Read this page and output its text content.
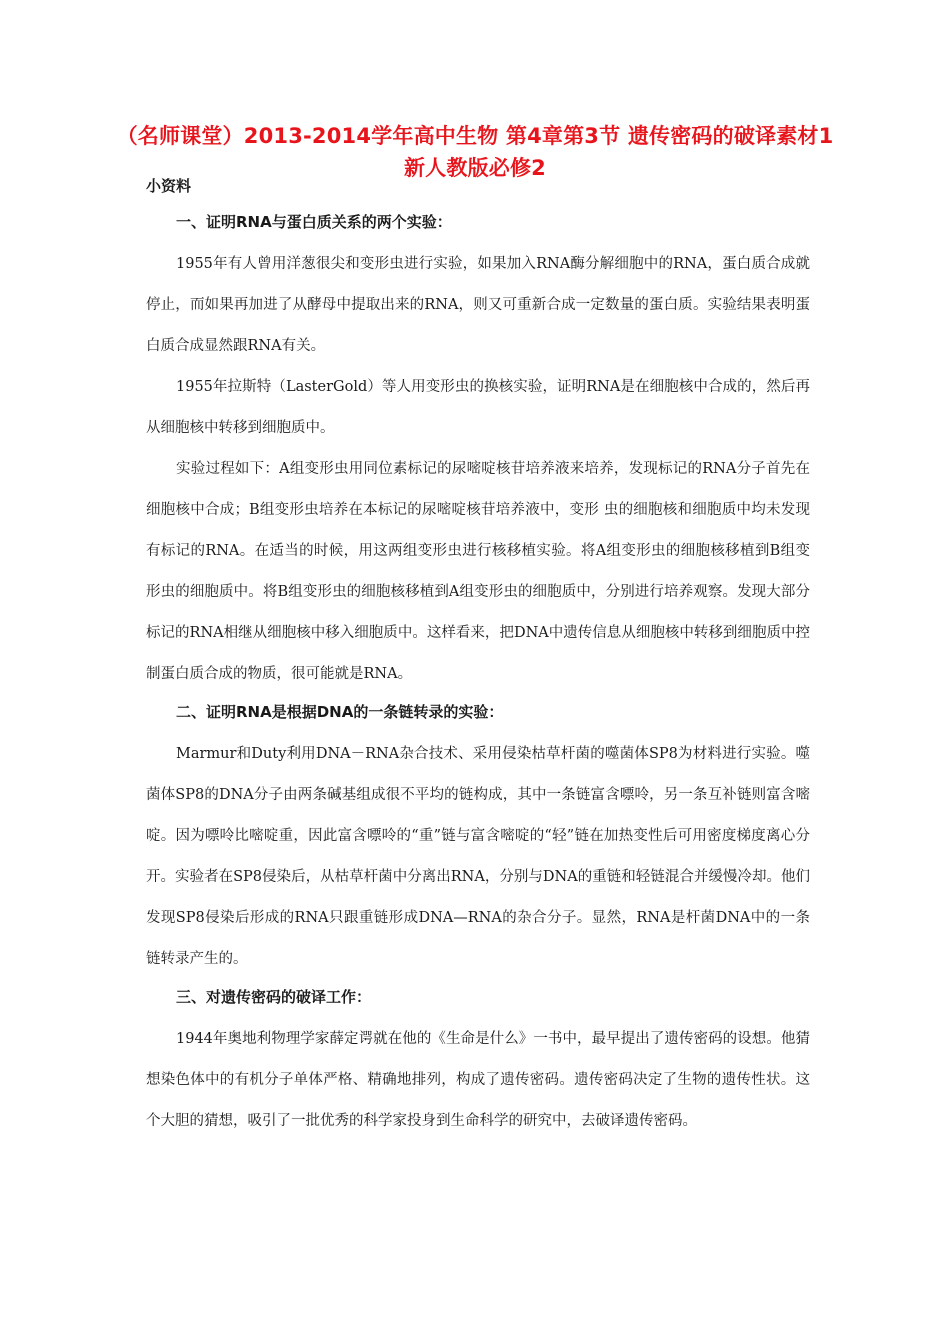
（名师课堂）2013-2014学年高中生物 第4章第3节 遗传密码的破译素材1 新人教版必修2
小资料
一、证明RNA与蛋白质关系的两个实验：

1955年有人曾用洋葱很尖和变形虫进行实验，如果加入RNA酶分解细胞中的RNA，蛋白质合成就停止，而如果再加进了从酵母中提取出来的RNA，则又可重新合成一定数量的蛋白质。实验结果表明蛋白质合成显然跟RNA有关。

1955年拉斯特（LasterGold）等人用变形虫的换核实验，证明RNA是在细胞核中合成的，然后再从细胞核中转移到细胞质中。

实验过程如下：A组变形虫用同位素标记的尿嘧啶核苷培养液来培养，发现标记的RNA分子首先在细胞核中合成；B组变形虫培养在本标记的尿嘧啶核苷培养液中，变形 虫的细胞核和细胞质中均未发现有标记的RNA。在适当的时候，用这两组变形虫进行核移植实验。将A组变形虫的细胞核移植到B组变形虫的细胞质中。将B组变形虫的细胞核移植到A组变形虫的细胞质中，分别进行培养观察。发现大部分标记的RNA相继从细胞核中移入细胞质中。这样看来，把DNA中遗传信息从细胞核中转移到细胞质中控制蛋白质合成的物质，很可能就是RNA。

二、证明RNA是根据DNA的一条链转录的实验：

Marmur和Duty利用DNA－RNA杂合技术、采用侵染枯草杆菌的噬菌体SP8为材料进行实验。噬菌体SP8的DNA分子由两条碱基组成很不平均的链构成，其中一条链富含嘌呤，另一条互补链则富含嘧啶。因为嘌呤比嘧啶重，因此富含嘌呤的“重”链与富含嘧啶的“轻”链在加热变性后可用密度梯度离心分开。实验者在SP8侵染后，从枯草杆菌中分离出RNA，分别与DNA的重链和轻链混合并缓慢冷却。他们发现SP8侵染后形成的RNA只跟重链形成DNA—RNA的杂合分子。显然，RNA是杆菌DNA中的一条链转录产生的。

三、对遗传密码的破译工作：

1944年奥地利物理学家薛定谔就在他的《生命是什么》一书中，最早提出了遗传密码的设想。他猜想染色体中的有机分子单体严格、精确地排列，构成了遗传密码。遗传密码决定了生物的遗传性状。这个大胆的猜想，吸引了一批优秀的科学家投身到生命科学的研究中，去破译遗传密码。
